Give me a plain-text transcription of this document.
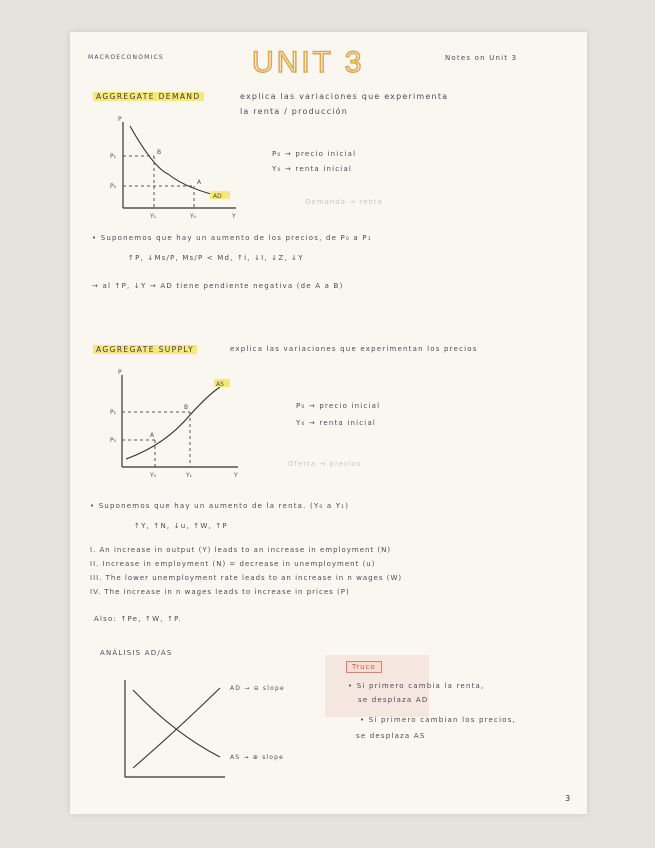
MACROECONOMICS	UNIT 3	Notes on Unit 3
AGGREGATE DEMAND	explica las variaciones que experimenta
la renta / producción
P
Y
P₁
P₀
Y₁	Y₀
B
A
AD
P₀ → precio inicial
Y₀ → renta inicial
Demanda → renta
• Suponemos que hay un aumento de los precios, de P₀ a P₁
↑P, ↓Ms/P, Ms/P < Md, ↑i, ↓I, ↓Z, ↓Y
→ al ↑P, ↓Y → AD tiene pendiente negativa (de A a B)
AGGREGATE SUPPLY	explica las variaciones que experimentan los precios
P
Y
P₁
P₀
Y₀	Y₁
B
A
AS
P₀ → precio inicial
Y₀ → renta inicial
Oferta → precios
• Suponemos que hay un aumento de la renta. (Y₀ a Y₁)
↑Y, ↑N, ↓u, ↑W, ↑P
I. An increase in output (Y) leads to an increase in employment (N)
II. Increase in employment (N) = decrease in unemployment (u)
III. The lower unemployment rate leads to an increase in n wages (W)
IV. The increase in n wages leads to increase in prices (P)
Also: ↑Pe, ↑W, ↑P.
ANÁLISIS AD/AS
AD → ⊖ slope
AS → ⊕ slope
Truco
• Si primero cambia la renta,
se desplaza AD
• Si primero cambian los precios,
se desplaza AS
3
